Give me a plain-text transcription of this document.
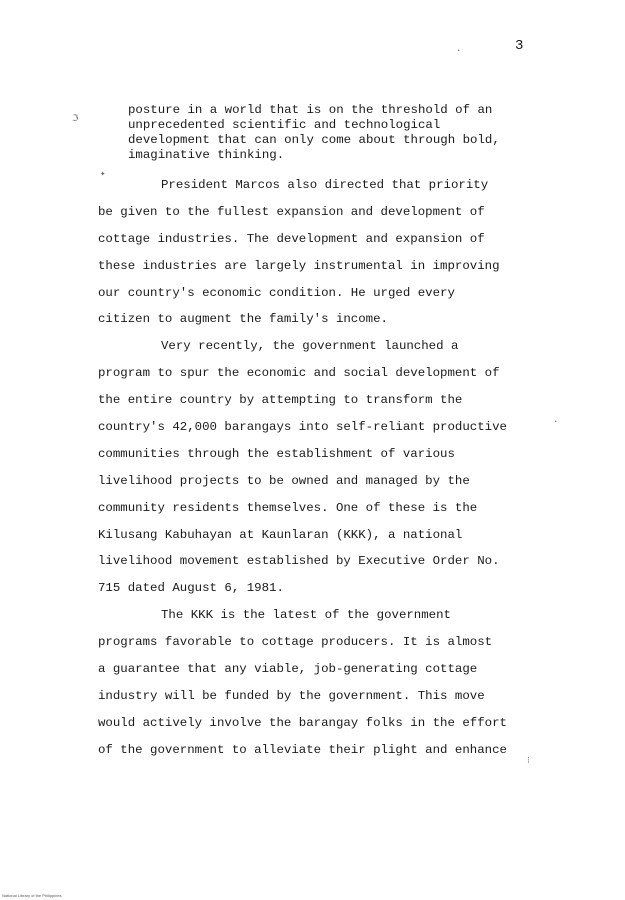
3
posture in a world that is on the threshold of an
unprecedented scientific and technological
development that can only come about through bold,
imaginative thinking.
President Marcos also directed that priority
be given to the fullest expansion and development of
cottage industries. The development and expansion of
these industries are largely instrumental in improving
our country's economic condition. He urged every
citizen to augment the family's income.
Very recently, the government launched a
program to spur the economic and social development of
the entire country by attempting to transform the
country's 42,000 barangays into self-reliant productive
communities through the establishment of various
livelihood projects to be owned and managed by the
community residents themselves. One of these is the
Kilusang Kabuhayan at Kaunlaran (KKK), a national
livelihood movement established by Executive Order No.
715 dated August 6, 1981.
The KKK is the latest of the government
programs favorable to cottage producers. It is almost
a guarantee that any viable, job-generating cottage
industry will be funded by the government. This move
would actively involve the barangay folks in the effort
of the government to alleviate their plight and enhance
ℑ
✦
·
·
⁝
National Library of the Philippines
